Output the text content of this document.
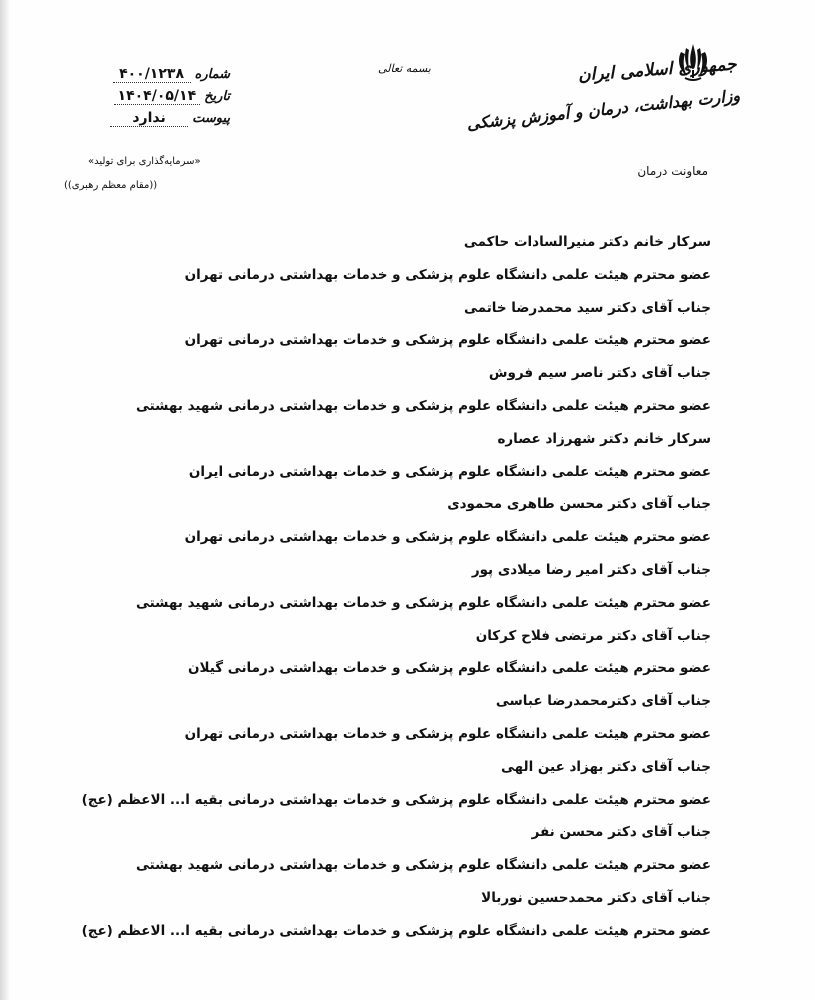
جمهوری اسلامی ایران
وزارت بهداشت، درمان و آموزش پزشکی
معاونت درمان
بسمه تعالی
شماره
۴۰۰/۱۲۳۸
تاریخ
۱۴۰۴/۰۵/۱۴
پیوست
ندارد
«سرمایه‌گذاری برای تولید»
((مقام معظم رهبری))
سرکار خانم دکتر منیرالسادات حاکمی
عضو محترم هیئت علمی دانشگاه علوم پزشکی و خدمات بهداشتی درمانی تهران
جناب آقای دکتر سید محمدرضا خاتمی
عضو محترم هیئت علمی دانشگاه علوم پزشکی و خدمات بهداشتی درمانی تهران
جناب آقای دکتر ناصر سیم فروش
عضو محترم هیئت علمی دانشگاه علوم پزشکی و خدمات بهداشتی درمانی شهید بهشتی
سرکار خانم دکتر شهرزاد عصاره
عضو محترم هیئت علمی دانشگاه علوم پزشکی و خدمات بهداشتی درمانی ایران
جناب آقای دکتر محسن طاهری محمودی
عضو محترم هیئت علمی دانشگاه علوم پزشکی و خدمات بهداشتی درمانی تهران
جناب آقای دکتر امیر رضا میلادی پور
عضو محترم هیئت علمی دانشگاه علوم پزشکی و خدمات بهداشتی درمانی شهید بهشتی
جناب آقای دکتر مرتضی فلاح کرکان
عضو محترم هیئت علمی دانشگاه علوم پزشکی و خدمات بهداشتی درمانی گیلان
جناب آقای دکترمحمدرضا عباسی
عضو محترم هیئت علمی دانشگاه علوم پزشکی و خدمات بهداشتی درمانی تهران
جناب آقای دکتر بهزاد عین الهی
عضو محترم هیئت علمی دانشگاه علوم پزشکی و خدمات بهداشتی درمانی بقیه ا... الاعظم (عج)
جناب آقای دکتر محسن نفر
عضو محترم هیئت علمی دانشگاه علوم پزشکی و خدمات بهداشتی درمانی شهید بهشتی
جناب آقای دکتر محمدحسین نوربالا
عضو محترم هیئت علمی دانشگاه علوم پزشکی و خدمات بهداشتی درمانی بقیه ا... الاعظم (عج)
